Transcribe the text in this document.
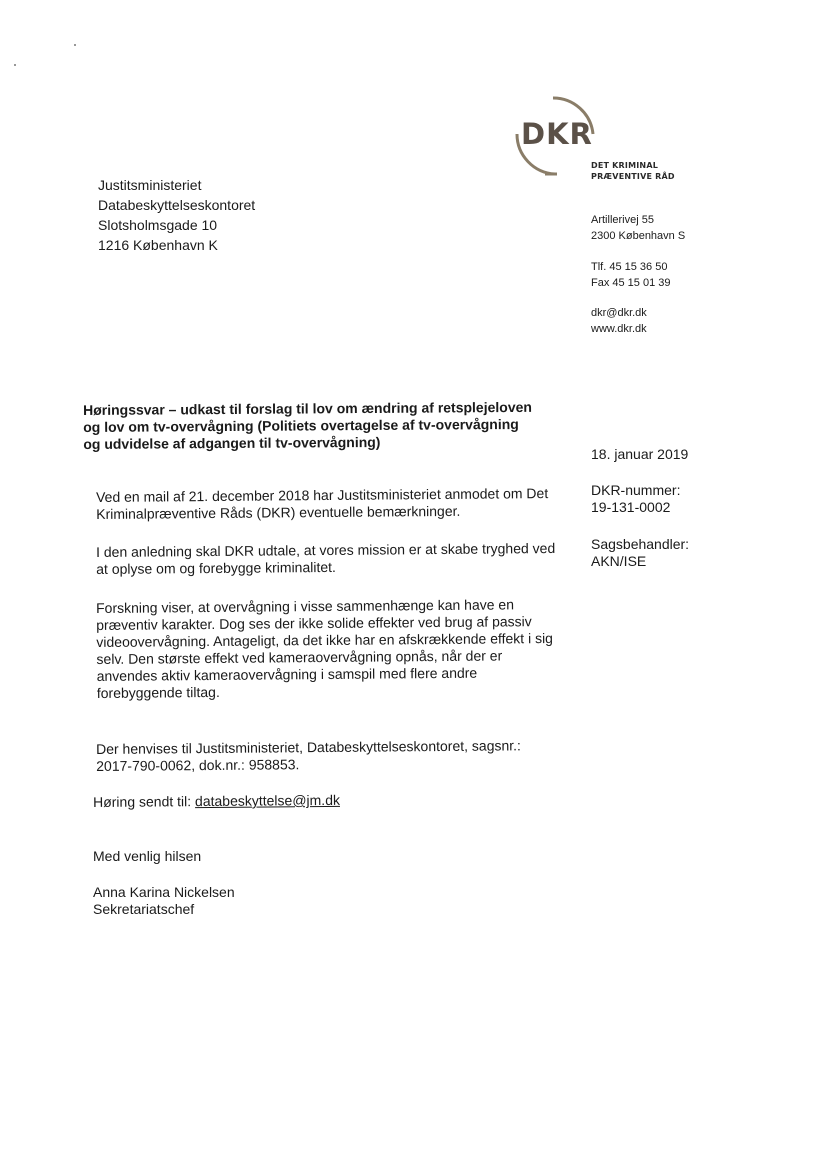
DKR
DET KRIMINAL
PRÆVENTIVE RÅD
Justitsministeriet
Databeskyttelseskontoret
Slotsholmsgade 10
1216 København K
Artillerivej 55
2300 København S
Tlf. 45 15 36 50
Fax 45 15 01 39
dkr@dkr.dk
www.dkr.dk
Høringssvar – udkast til forslag til lov om ændring af retsplejeloven
og lov om tv-overvågning (Politiets overtagelse af tv-overvågning
og udvidelse af adgangen til tv-overvågning)
18. januar 2019
DKR-nummer:
19-131-0002
Sagsbehandler:
AKN/ISE
Ved en mail af 21. december 2018 har Justitsministeriet anmodet om Det
Kriminalpræventive Råds (DKR) eventuelle bemærkninger.
I den anledning skal DKR udtale, at vores mission er at skabe tryghed ved
at oplyse om og forebygge kriminalitet.
Forskning viser, at overvågning i visse sammenhænge kan have en
præventiv karakter. Dog ses der ikke solide effekter ved brug af passiv
videoovervågning. Antageligt, da det ikke har en afskrækkende effekt i sig
selv. Den største effekt ved kameraovervågning opnås, når der er
anvendes aktiv kameraovervågning i samspil med flere andre
forebyggende tiltag.
Der henvises til Justitsministeriet, Databeskyttelseskontoret, sagsnr.:
2017-790-0062, dok.nr.: 958853.
Høring sendt til: databeskyttelse@jm.dk
Med venlig hilsen
Anna Karina Nickelsen
Sekretariatschef
